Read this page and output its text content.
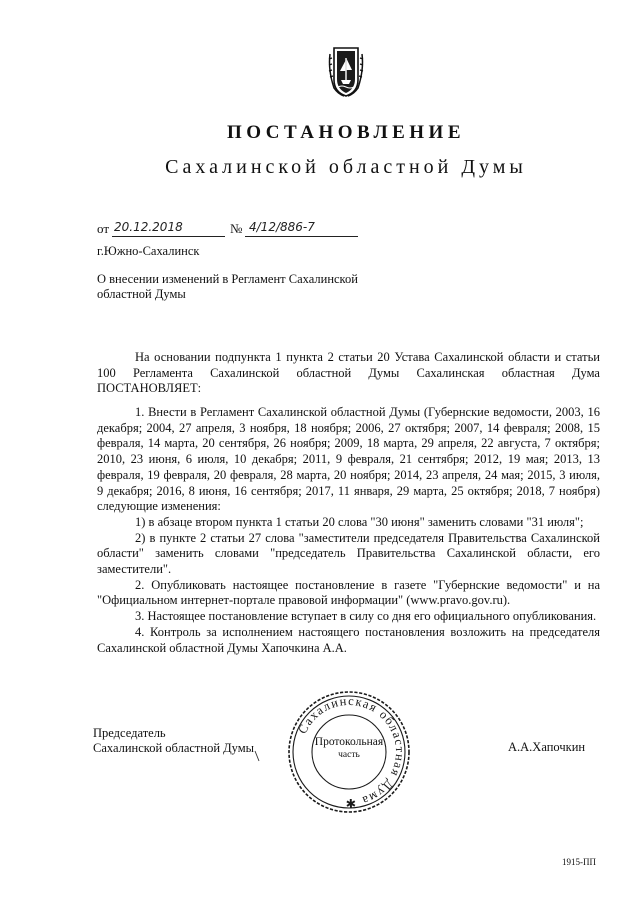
ПОСТАНОВЛЕНИЕ
Сахалинской областной Думы
от 20.12.2018	№ 4/12/886-7
г.Южно-Сахалинск
О внесении изменений в Регламент Сахалинской областной Думы

На основании подпункта 1 пункта 2 статьи 20 Устава Сахалинской области и статьи 100 Регламента Сахалинской областной Думы Сахалинская областная Дума ПОСТАНОВЛЯЕТ:

1. Внести в Регламент Сахалинской областной Думы (Губернские ведомости, 2003, 16 декабря; 2004, 27 апреля, 3 ноября, 18 ноября; 2006, 27 октября; 2007, 14 февраля; 2008, 15 февраля, 14 марта, 20 сентября, 26 ноября; 2009, 18 марта, 29 апреля, 22 августа, 7 октября; 2010, 23 июня, 6 июля, 10 декабря; 2011, 9 февраля, 21 сентября; 2012, 19 мая; 2013, 13 февраля, 19 февраля, 20 февраля, 28 марта, 20 ноября; 2014, 23 апреля, 24 мая; 2015, 3 июля, 9 декабря; 2016, 8 июня, 16 сентября; 2017, 11 января, 29 марта, 25 октября; 2018, 7 ноября) следующие изменения:

1) в абзаце втором пункта 1 статьи 20 слова "30 июня" заменить словами "31 июля";

2) в пункте 2 статьи 27 слова "заместители председателя Правительства Сахалинской области" заменить словами "председатель Правительства Сахалинской области, его заместители".

2. Опубликовать настоящее постановление в газете "Губернские ведомости" и на "Официальном интернет-портале правовой информации" (www.pravo.gov.ru).

3. Настоящее постановление вступает в силу со дня его официального опубликования.

4. Контроль за исполнением настоящего постановления возложить на председателя Сахалинской областной Думы Хапочкина А.А.

Председатель
Сахалинской областной Думы
Сахалинская областная Дума ✱
Протокольная
часть
А.А.Хапочкин
1915-ПП
